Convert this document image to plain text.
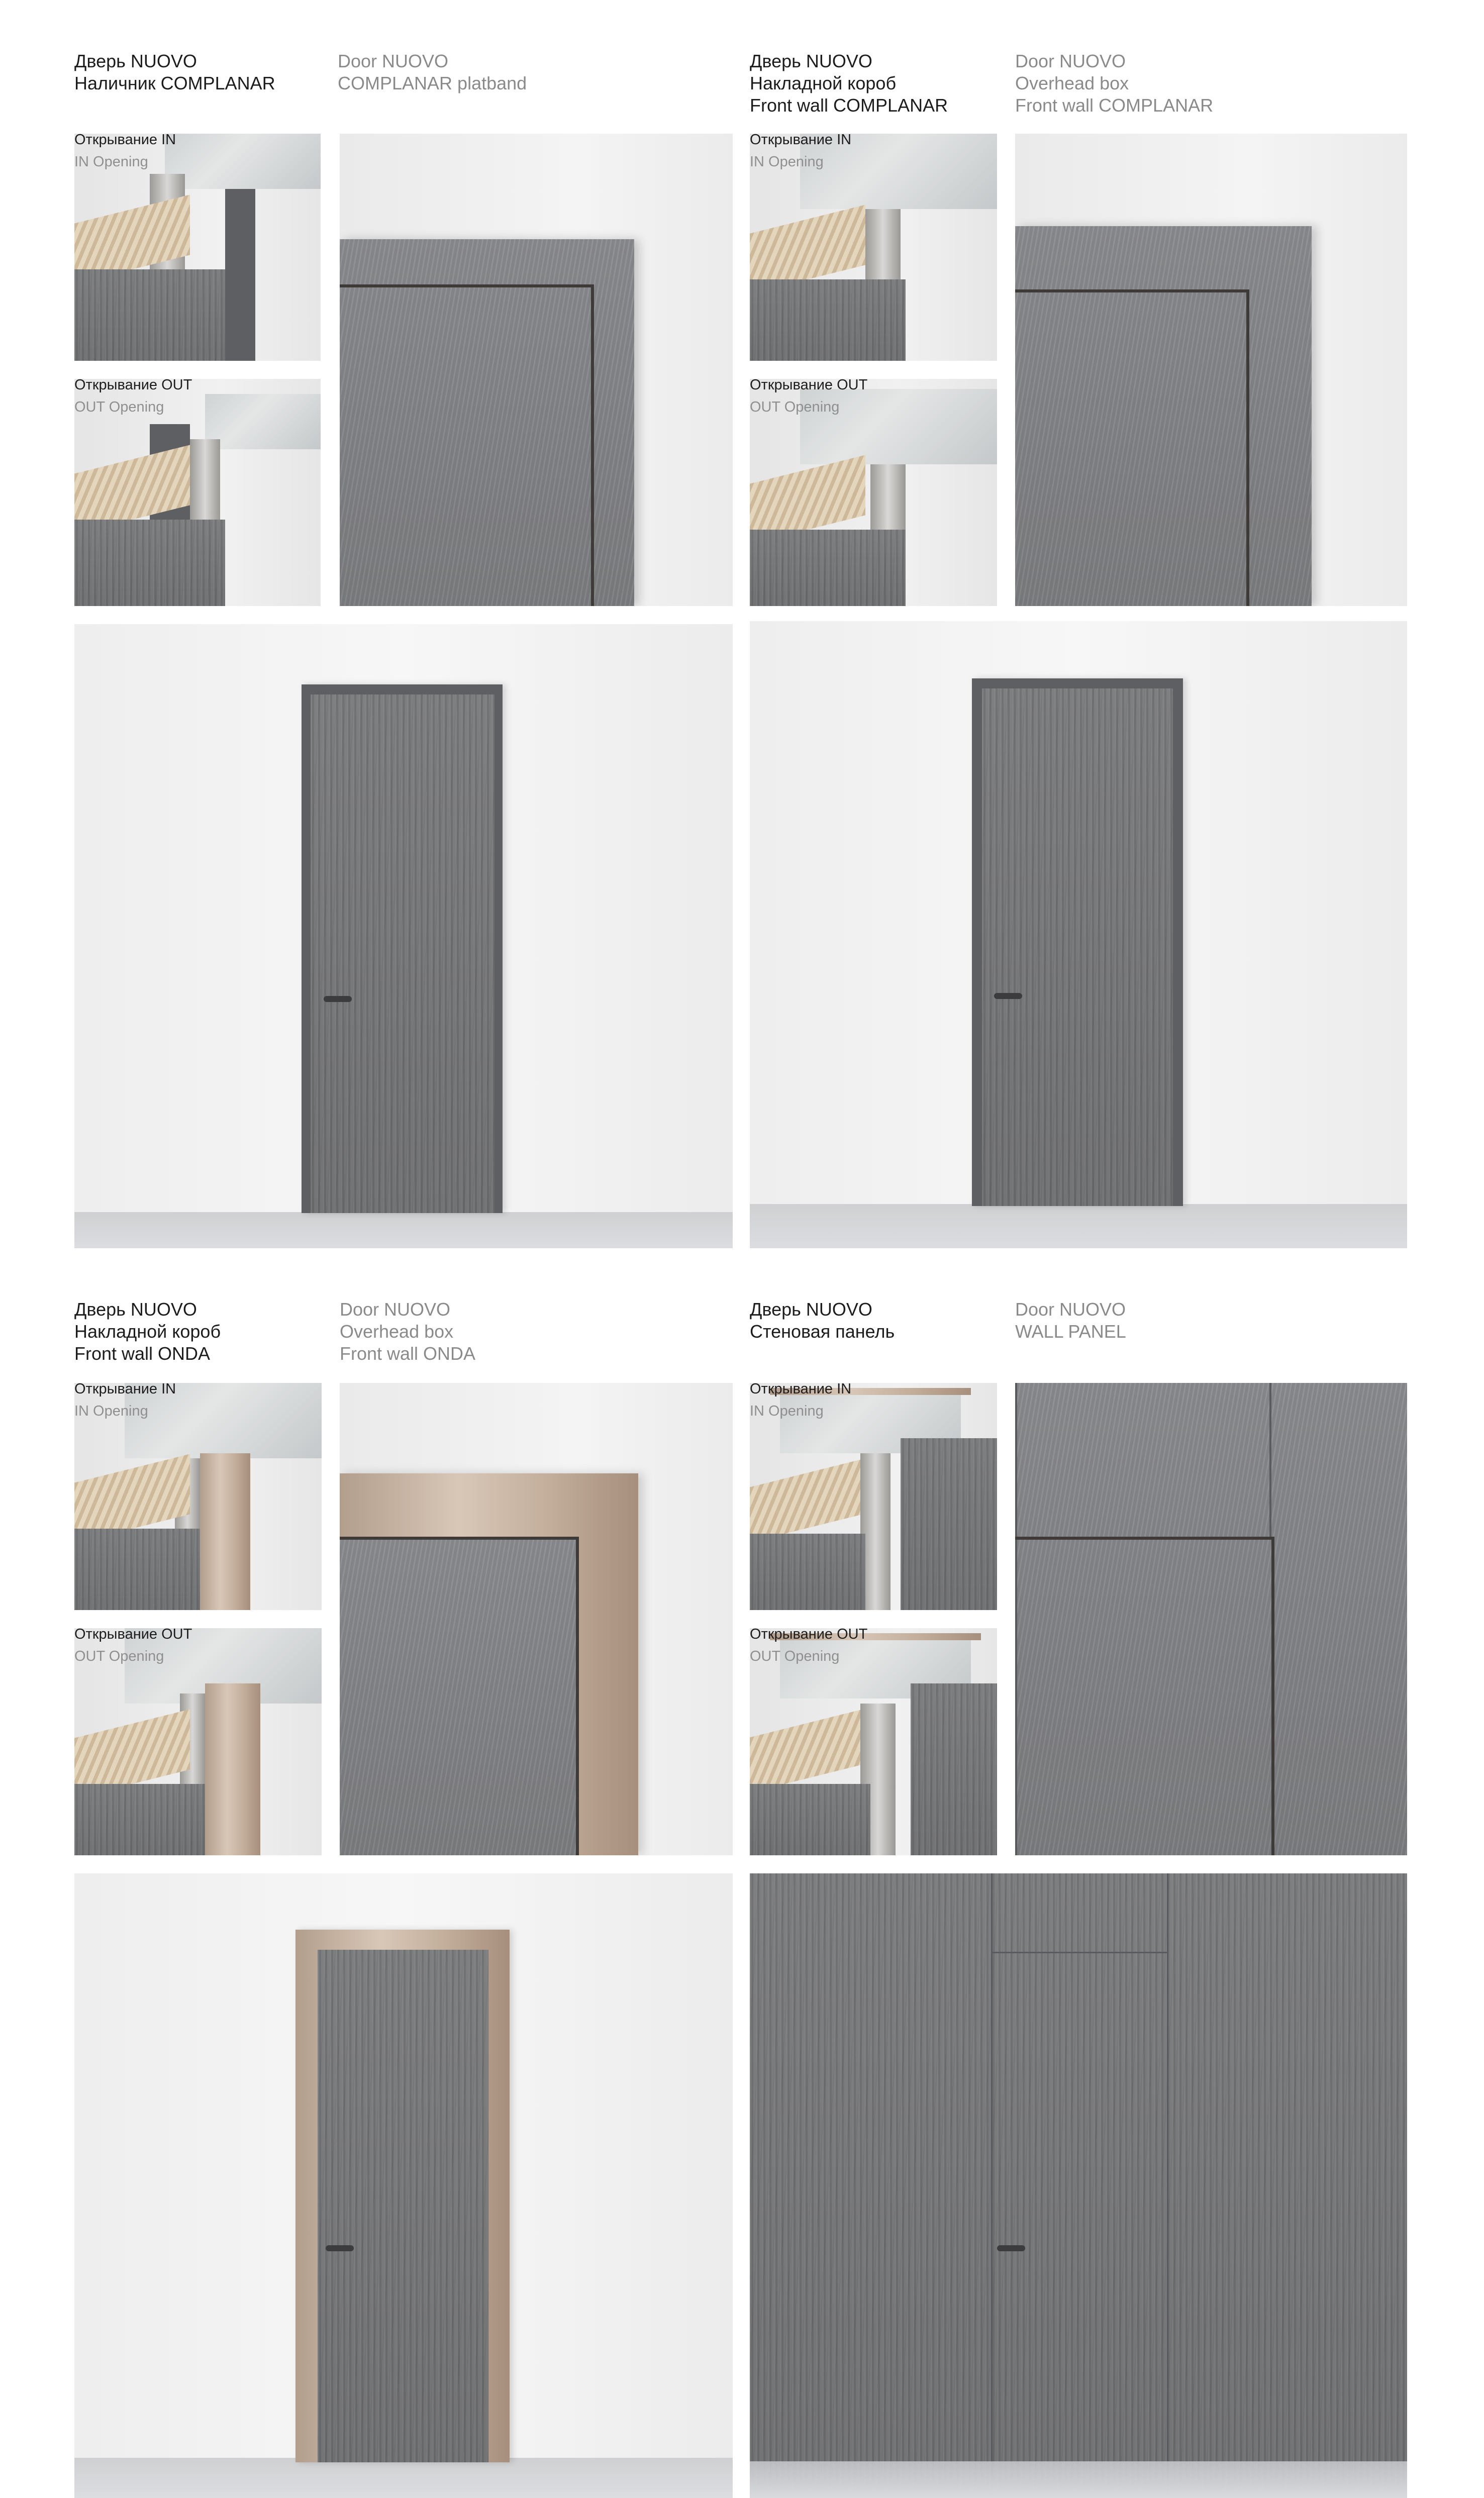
Дверь NUOVO
Наличник COMPLANAR
Door NUOVO
COMPLANAR platband
Открывание IN
IN Opening
Открывание OUT
OUT Opening
Дверь NUOVO
Накладной короб
Front wall COMPLANAR
Door NUOVO
Overhead box
Front wall COMPLANAR
Открывание IN
IN Opening
Открывание OUT
OUT Opening
Дверь NUOVO
Накладной короб
Front wall ONDA
Door NUOVO
Overhead box
Front wall ONDA
Открывание IN
IN Opening
Открывание OUT
OUT Opening
Дверь NUOVO
Стеновая панель
Door NUOVO
WALL PANEL
Открывание IN
IN Opening
Открывание OUT
OUT Opening
